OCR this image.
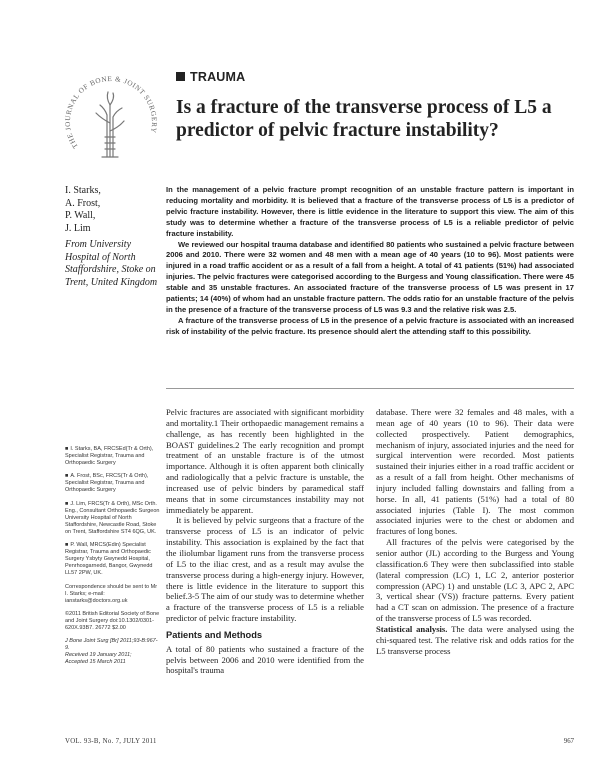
THE JOURNAL OF BONE & JOINT SURGERY
TRAUMA
Is a fracture of the transverse process of L5 a predictor of pelvic fracture instability?
I. Starks,
A. Frost,
P. Wall,
J. Lim
From University Hospital of North Staffordshire, Stoke on Trent, United Kingdom

In the management of a pelvic fracture prompt recognition of an unstable fracture pattern is important in reducing mortality and morbidity. It is believed that a fracture of the transverse process of L5 is a predictor of pelvic fracture instability. However, there is little evidence in the literature to support this view. The aim of this study was to determine whether a fracture of the transverse process of L5 is a reliable predictor of pelvic fracture instability.

We reviewed our hospital trauma database and identified 80 patients who sustained a pelvic fracture between 2006 and 2010. There were 32 women and 48 men with a mean age of 40 years (10 to 96). Most patients were injured in a road traffic accident or as a result of a fall from a height. A total of 41 patients (51%) had associated injuries. The pelvic fractures were categorised according to the Burgess and Young classification. There were 45 stable and 35 unstable fractures. An associated fracture of the transverse process of L5 was present in 17 patients; 14 (40%) of whom had an unstable fracture pattern. The odds ratio for an unstable fracture of the pelvis in the presence of a fracture of the transverse process of L5 was 9.3 and the relative risk was 2.5.

A fracture of the transverse process of L5 in the presence of a pelvic fracture is associated with an increased risk of instability of the pelvic fracture. Its presence should alert the attending staff to this possibility.

■ I. Starks, BA, FRCSEd(Tr & Orth), Specialist Registrar, Trauma and Orthopaedic Surgery

■ A. Frost, BSc, FRCS(Tr & Orth), Specialist Registrar, Trauma and Orthopaedic Surgery

■ J. Lim, FRCS(Tr & Orth), MSc Orth. Eng., Consultant Orthopaedic Surgeon University Hospital of North Staffordshire, Newcastle Road, Stoke on Trent, Staffordshire ST4 6QG, UK.

■ P. Wall, MRCS(Edin) Specialist Registrar, Trauma and Orthopaedic Surgery Ysbyty Gwynedd Hospital, Penrhosgarnedd, Bangor, Gwynedd LL57 2PW, UK.

Correspondence should be sent to Mr I. Starks; e-mail: ianstarks@doctors.org.uk

©2011 British Editorial Society of Bone and Joint Surgery doi:10.1302/0301-620X.93B7. 26772 $2.00

J Bone Joint Surg [Br] 2011;93-B:967-9.
Received 19 January 2011;
Accepted 15 March 2011

Pelvic fractures are associated with significant morbidity and mortality.1 Their orthopaedic management remains a challenge, as has recently been highlighted in the BOAST guidelines.2 The early recognition and prompt treatment of an unstable fracture is of the utmost importance. Although it is often apparent both clinically and radiologically that a pelvic fracture is unstable, the increased use of pelvic binders by paramedical staff means that in some circumstances instability may not immediately be apparent.

It is believed by pelvic surgeons that a fracture of the transverse process of L5 is an indicator of pelvic instability. This association is explained by the fact that the iliolumbar ligament runs from the transverse process of L5 to the iliac crest, and as a result may avulse the transverse process during a high-energy injury. However, there is little evidence in the literature to support this belief.3-5 The aim of our study was to determine whether a fracture of the transverse process of L5 is a reliable predictor of pelvic fracture instability.

Patients and Methods

A total of 80 patients who sustained a fracture of the pelvis between 2006 and 2010 were identified from the hospital's trauma

database. There were 32 females and 48 males, with a mean age of 40 years (10 to 96). Their data were collected prospectively. Patient demographics, mechanism of injury, associated injuries and the need for surgical intervention were recorded. Most patients sustained their injuries either in a road traffic accident or as a result of a fall from height. Other mechanisms of injury included falling downstairs and falling from a horse. In all, 41 patients (51%) had a total of 80 associated injuries (Table I). The most common associated injuries were to the chest or abdomen and fractures of long bones.

All fractures of the pelvis were categorised by the senior author (JL) according to the Burgess and Young classification.6 They were then subclassified into stable (lateral compression (LC) 1, LC 2, anterior posterior compression (APC) 1) and unstable (LC 3, APC 2, APC 3, vertical shear (VS)) fracture patterns. Every patient had a CT scan on admission. The presence of a fracture of the transverse process of L5 was recorded.

Statistical analysis. The data were analysed using the chi-squared test. The relative risk and odds ratios for the L5 transverse process

VOL. 93-B, No. 7, JULY 2011	967
